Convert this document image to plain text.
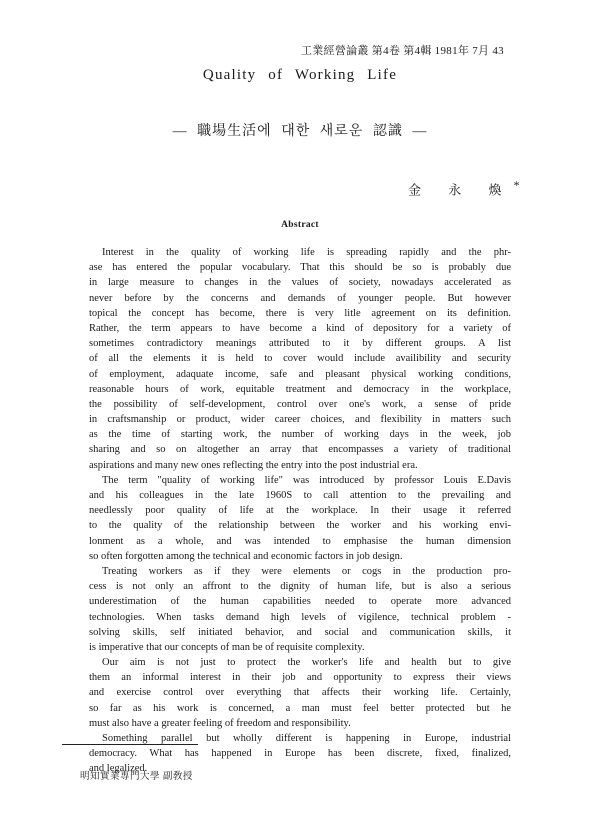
工業經營論叢 第4卷 第4輯 1981年 7月 43
Quality of Working Life
— 職場生活에 대한 새로운 認識 —
金 永 煥*
Abstract
Interest in the quality of working life is spreading rapidly and the phr-
ase has entered the popular vocabulary. That this should be so is probably due
in large measure to changes in the values of society, nowadays accelerated as
never before by the concerns and demands of younger people. But however
topical the concept has become, there is very litle agreement on its definition.
Rather, the term appears to have become a kind of depository for a variety of
sometimes contradictory meanings attributed to it by different groups. A list
of all the elements it is held to cover would include availibility and security
of employment, adaquate income, safe and pleasant physical working conditions,
reasonable hours of work, equitable treatment and democracy in the workplace,
the possibility of self-development, control over one's work, a sense of pride
in craftsmanship or product, wider career choices, and flexibility in matters such
as the time of starting work, the number of working days in the week, job
sharing and so on altogether an array that encompasses a variety of traditional
aspirations and many new ones reflecting the entry into the post industrial era.
The term "quality of working life" was introduced by professor Louis E.Davis
and his colleagues in the late 1960S to call attention to the prevailing and
needlessly poor quality of life at the workplace. In their usage it referred
to the quality of the relationship between the worker and his working envi-
lonment as a whole, and was intended to emphasise the human dimension
so often forgotten among the technical and economic factors in job design.
Treating workers as if they were elements or cogs in the production pro-
cess is not only an affront to the dignity of human life, but is also a serious
underestimation of the human capabilities needed to operate more advanced
technologies. When tasks demand high levels of vigilence, technical problem -
solving skills, self initiated behavior, and social and communication skills, it
is imperative that our concepts of man be of requisite complexity.
Our aim is not just to protect the worker's life and health but to give
them an informal interest in their job and opportunity to express their views
and exercise control over everything that affects their working life. Certainly,
so far as his work is concerned, a man must feel better protected but he
must also have a greater feeling of freedom and responsibility.
Something parallel but wholly different is happening in Europe, industrial
democracy. What has happened in Europe has been discrete, fixed, finalized,
and legalized.
明知實業專門大學 副敎授
